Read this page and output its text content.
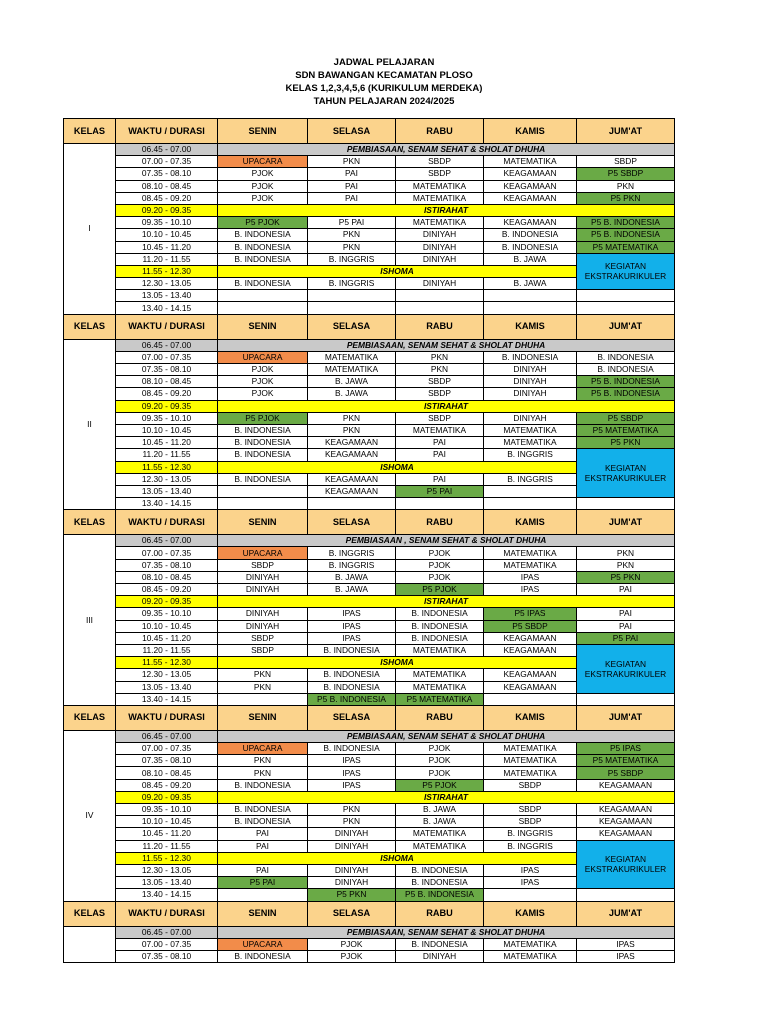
JADWAL PELAJARAN
SDN BAWANGAN KECAMATAN PLOSO
KELAS 1,2,3,4,5,6 (KURIKULUM MERDEKA)
TAHUN PELAJARAN 2024/2025
KELAS	WAKTU / DURASI	SENIN	SELASA	RABU	KAMIS	JUM'AT
I	06.45 - 07.00	PEMBIASAAN, SENAM SEHAT & SHOLAT DHUHA				
	07.00 - 07.35	UPACARA	PKN	SBDP	MATEMATIKA	SBDP
	07.35 - 08.10	PJOK	PAI	SBDP	KEAGAMAAN	P5 SBDP
	08.10 - 08.45	PJOK	PAI	MATEMATIKA	KEAGAMAAN	PKN
	08.45 - 09.20	PJOK	PAI	MATEMATIKA	KEAGAMAAN	P5 PKN
	09.20 - 09.35	ISTIRAHAT				
	09.35 - 10.10	P5 PJOK	P5 PAI	MATEMATIKA	KEAGAMAAN	P5 B. INDONESIA
	10.10 - 10.45	B. INDONESIA	PKN	DINIYAH	B. INDONESIA	P5 B. INDONESIA
	10.45 - 11.20	B. INDONESIA	PKN	DINIYAH	B. INDONESIA	P5 MATEMATIKA
	11.20 - 11.55	B. INDONESIA	B. INGGRIS	DINIYAH	B. JAWA	KEGIATAN EKSTRAKURIKULER
	11.55 - 12.30	ISHOMA				
	12.30 - 13.05	B. INDONESIA	B. INGGRIS	DINIYAH	B. JAWA	
	13.05 - 13.40					
	13.40 - 14.15					
KELAS	WAKTU / DURASI	SENIN	SELASA	RABU	KAMIS	JUM'AT
II	06.45 - 07.00	PEMBIASAAN, SENAM SEHAT & SHOLAT DHUHA				
	07.00 - 07.35	UPACARA	MATEMATIKA	PKN	B. INDONESIA	B. INDONESIA
	07.35 - 08.10	PJOK	MATEMATIKA	PKN	DINIYAH	B. INDONESIA
	08.10 - 08.45	PJOK	B. JAWA	SBDP	DINIYAH	P5 B. INDONESIA
	08.45 - 09.20	PJOK	B. JAWA	SBDP	DINIYAH	P5 B. INDONESIA
	09.20 - 09.35	ISTIRAHAT				
	09.35 - 10.10	P5 PJOK	PKN	SBDP	DINIYAH	P5 SBDP
	10.10 - 10.45	B. INDONESIA	PKN	MATEMATIKA	MATEMATIKA	P5 MATEMATIKA
	10.45 - 11.20	B. INDONESIA	KEAGAMAAN	PAI	MATEMATIKA	P5 PKN
	11.20 - 11.55	B. INDONESIA	KEAGAMAAN	PAI	B. INGGRIS	KEGIATAN EKSTRAKURIKULER
	11.55 - 12.30	ISHOMA				
	12.30 - 13.05	B. INDONESIA	KEAGAMAAN	PAI	B. INGGRIS	
	13.05 - 13.40		KEAGAMAAN	P5 PAI		
	13.40 - 14.15					
KELAS	WAKTU / DURASI	SENIN	SELASA	RABU	KAMIS	JUM'AT
III	06.45 - 07.00	PEMBIASAAN , SENAM SEHAT & SHOLAT DHUHA				
	07.00 - 07.35	UPACARA	B. INGGRIS	PJOK	MATEMATIKA	PKN
	07.35 - 08.10	SBDP	B. INGGRIS	PJOK	MATEMATIKA	PKN
	08.10 - 08.45	DINIYAH	B. JAWA	PJOK	IPAS	P5 PKN
	08.45 - 09.20	DINIYAH	B. JAWA	P5 PJOK	IPAS	PAI
	09.20 - 09.35	ISTIRAHAT				
	09.35 - 10.10	DINIYAH	IPAS	B. INDONESIA	P5 IPAS	PAI
	10.10 - 10.45	DINIYAH	IPAS	B. INDONESIA	P5 SBDP	PAI
	10.45 - 11.20	SBDP	IPAS	B. INDONESIA	KEAGAMAAN	P5 PAI
	11.20 - 11.55	SBDP	B. INDONESIA	MATEMATIKA	KEAGAMAAN	KEGIATAN EKSTRAKURIKULER
	11.55 - 12.30	ISHOMA				
	12.30 - 13.05	PKN	B. INDONESIA	MATEMATIKA	KEAGAMAAN	
	13.05 - 13.40	PKN	B. INDONESIA	MATEMATIKA	KEAGAMAAN	
	13.40 - 14.15		P5 B. INDONESIA	P5 MATEMATIKA		
KELAS	WAKTU / DURASI	SENIN	SELASA	RABU	KAMIS	JUM'AT
IV	06.45 - 07.00	PEMBIASAAN, SENAM SEHAT & SHOLAT DHUHA				
	07.00 - 07.35	UPACARA	B. INDONESIA	PJOK	MATEMATIKA	P5 IPAS
	07.35 - 08.10	PKN	IPAS	PJOK	MATEMATIKA	P5 MATEMATIKA
	08.10 - 08.45	PKN	IPAS	PJOK	MATEMATIKA	P5 SBDP
	08.45 - 09.20	B. INDONESIA	IPAS	P5 PJOK	SBDP	KEAGAMAAN
	09.20 - 09.35	ISTIRAHAT				
	09.35 - 10.10	B. INDONESIA	PKN	B. JAWA	SBDP	KEAGAMAAN
	10.10 - 10.45	B. INDONESIA	PKN	B. JAWA	SBDP	KEAGAMAAN
	10.45 - 11.20	PAI	DINIYAH	MATEMATIKA	B. INGGRIS	KEAGAMAAN
	11.20 - 11.55	PAI	DINIYAH	MATEMATIKA	B. INGGRIS	KEGIATAN EKSTRAKURIKULER
	11.55 - 12.30	ISHOMA				
	12.30 - 13.05	PAI	DINIYAH	B. INDONESIA	IPAS	
	13.05 - 13.40	P5 PAI	DINIYAH	B. INDONESIA	IPAS	
	13.40 - 14.15		P5 PKN	P5 B. INDONESIA		
KELAS	WAKTU / DURASI	SENIN	SELASA	RABU	KAMIS	JUM'AT
	06.45 - 07.00	PEMBIASAAN, SENAM SEHAT & SHOLAT DHUHA				
	07.00 - 07.35	UPACARA	PJOK	B. INDONESIA	MATEMATIKA	IPAS
	07.35 - 08.10	B. INDONESIA	PJOK	DINIYAH	MATEMATIKA	IPAS
